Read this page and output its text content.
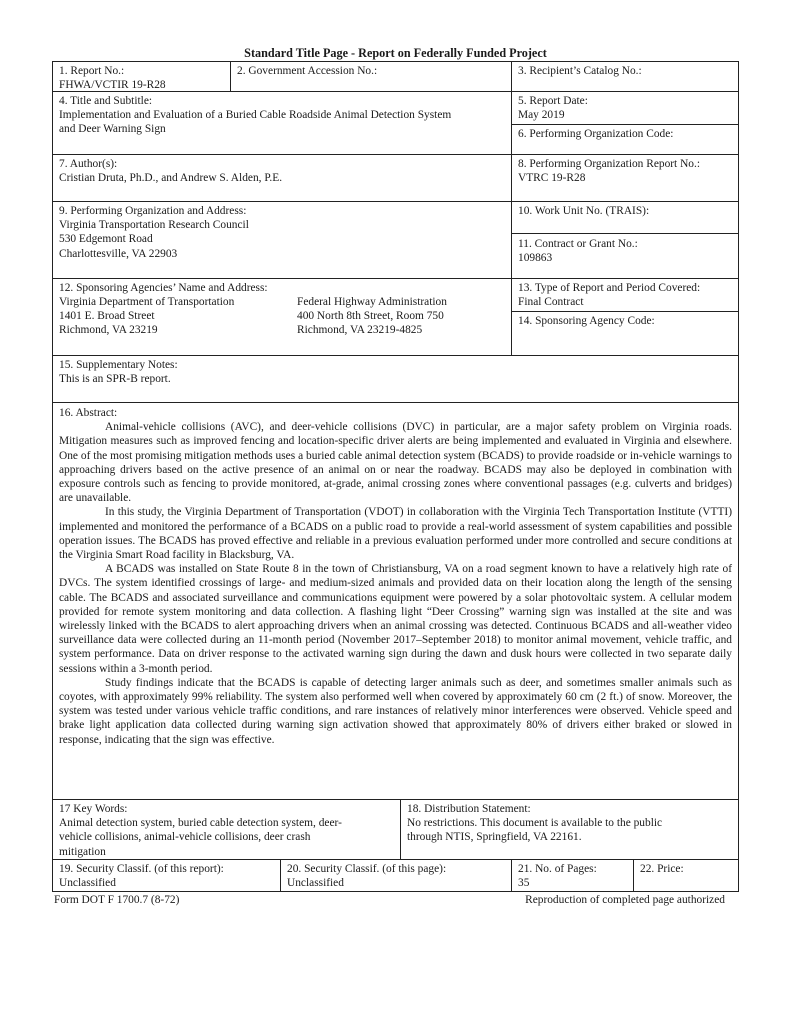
Standard Title Page - Report on Federally Funded Project
1. Report No.:
FHWA/VCTIR 19-R28
2. Government Accession No.:	3. Recipient’s Catalog No.:
4. Title and Subtitle:
Implementation and Evaluation of a Buried Cable Roadside Animal Detection System
and Deer Warning Sign
5. Report Date:
May 2019
6. Performing Organization Code:
7. Author(s):
Cristian Druta, Ph.D., and Andrew S. Alden, P.E.
8. Performing Organization Report No.:
VTRC 19-R28
9. Performing Organization and Address:
Virginia Transportation Research Council
530 Edgemont Road
Charlottesville, VA 22903
10. Work Unit No. (TRAIS):
11. Contract or Grant No.:
109863
12. Sponsoring Agencies’ Name and Address:
Virginia Department of Transportation
1401 E. Broad Street
Richmond, VA 23219
Federal Highway Administration
400 North 8th Street, Room 750
Richmond, VA 23219-4825
13. Type of Report and Period Covered:
Final Contract
14. Sponsoring Agency Code:
15. Supplementary Notes:
This is an SPR-B report.
16. Abstract:

Animal-vehicle collisions (AVC), and deer-vehicle collisions (DVC) in particular, are a major safety problem on Virginia roads. Mitigation measures such as improved fencing and location-specific driver alerts are being implemented and evaluated in Virginia and elsewhere. One of the most promising mitigation methods uses a buried cable animal detection system (BCADS) to provide roadside or in-vehicle warnings to approaching drivers based on the active presence of an animal on or near the roadway. BCADS may also be deployed in combination with exposure controls such as fencing to provide monitored, at-grade, animal crossing zones where conventional passages (e.g. culverts and bridges) are unavailable.

In this study, the Virginia Department of Transportation (VDOT) in collaboration with the Virginia Tech Transportation Institute (VTTI) implemented and monitored the performance of a BCADS on a public road to provide a real-world assessment of system capabilities and possible operation issues. The BCADS has proved effective and reliable in a previous evaluation performed under more controlled and secure conditions at the Virginia Smart Road facility in Blacksburg, VA.

A BCADS was installed on State Route 8 in the town of Christiansburg, VA on a road segment known to have a relatively high rate of DVCs. The system identified crossings of large- and medium-sized animals and provided data on their location along the length of the sensing cable. The BCADS and associated surveillance and communications equipment were powered by a solar photovoltaic system. A cellular modem provided for remote system monitoring and data collection. A flashing light “Deer Crossing” warning sign was installed at the site and was wirelessly linked with the BCADS to alert approaching drivers when an animal crossing was detected. Continuous BCADS and all-weather video surveillance data were collected during an 11-month period (November 2017–September 2018) to monitor animal movement, vehicle traffic, and system performance. Data on driver response to the activated warning sign during the dawn and dusk hours were collected in two separate daily sessions within a 3-month period.

Study findings indicate that the BCADS is capable of detecting larger animals such as deer, and sometimes smaller animals such as coyotes, with approximately 99% reliability. The system also performed well when covered by approximately 60 cm (2 ft.) of snow. Moreover, the system was tested under various vehicle traffic conditions, and rare instances of relatively minor interferences were observed. Vehicle speed and brake light application data collected during warning sign activation showed that approximately 80% of drivers either braked or slowed in response, indicating that the sign was effective.

17 Key Words:
Animal detection system, buried cable detection system, deer-
vehicle collisions, animal-vehicle collisions, deer crash
mitigation
18. Distribution Statement:
No restrictions. This document is available to the public
through NTIS, Springfield, VA 22161.
19. Security Classif. (of this report):
Unclassified
20. Security Classif. (of this page):
Unclassified
21. No. of Pages:
35
22. Price:
Form DOT F 1700.7 (8-72)	Reproduction of completed page authorized
